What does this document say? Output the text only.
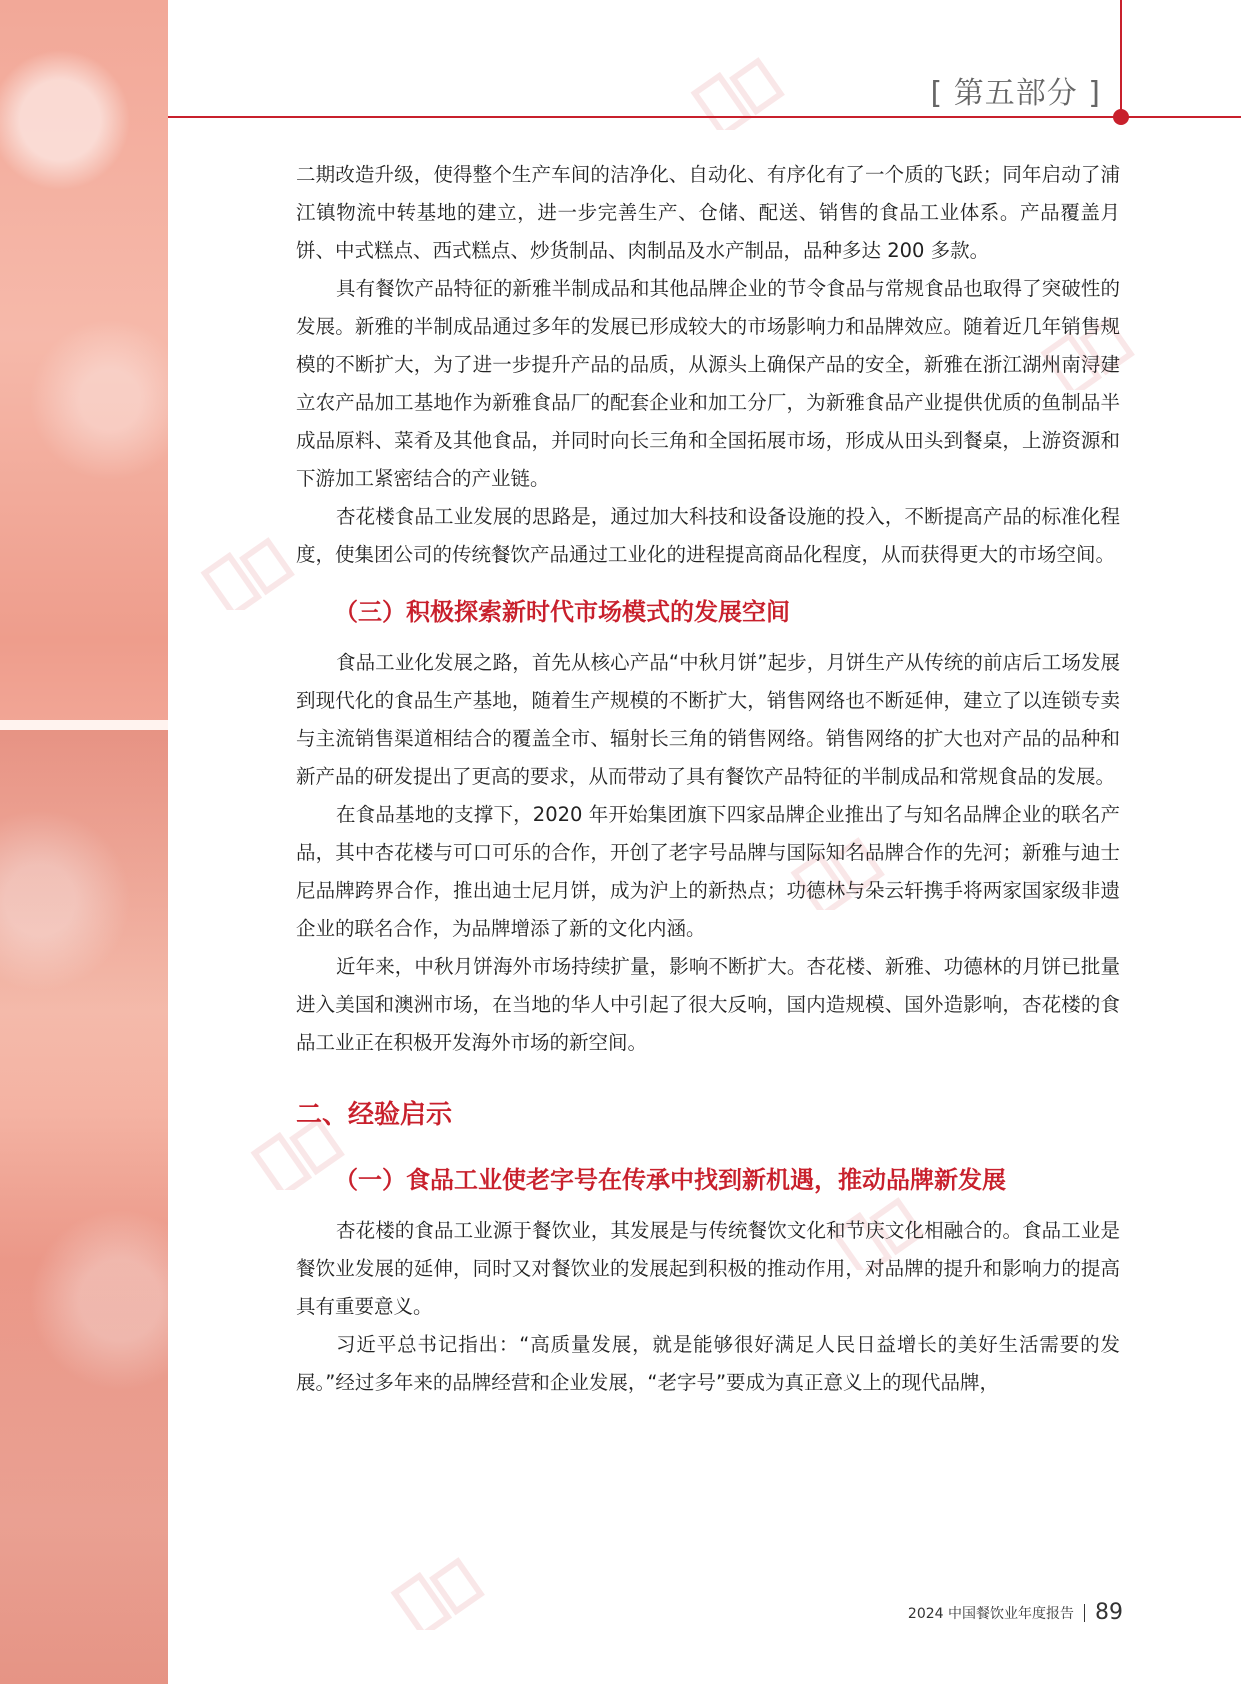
[ 第五部分 ]

二期改造升级，使得整个生产车间的洁净化、自动化、有序化有了一个质的飞跃；同年启动了浦江镇物流中转基地的建立，进一步完善生产、仓储、配送、销售的食品工业体系。产品覆盖月饼、中式糕点、西式糕点、炒货制品、肉制品及水产制品，品种多达 200 多款。

具有餐饮产品特征的新雅半制成品和其他品牌企业的节令食品与常规食品也取得了突破性的发展。新雅的半制成品通过多年的发展已形成较大的市场影响力和品牌效应。随着近几年销售规模的不断扩大，为了进一步提升产品的品质，从源头上确保产品的安全，新雅在浙江湖州南浔建立农产品加工基地作为新雅食品厂的配套企业和加工分厂，为新雅食品产业提供优质的鱼制品半成品原料、菜肴及其他食品，并同时向长三角和全国拓展市场，形成从田头到餐桌，上游资源和下游加工紧密结合的产业链。

杏花楼食品工业发展的思路是，通过加大科技和设备设施的投入，不断提高产品的标准化程度，使集团公司的传统餐饮产品通过工业化的进程提高商品化程度，从而获得更大的市场空间。

（三）积极探索新时代市场模式的发展空间

食品工业化发展之路，首先从核心产品“中秋月饼”起步，月饼生产从传统的前店后工场发展到现代化的食品生产基地，随着生产规模的不断扩大，销售网络也不断延伸，建立了以连锁专卖与主流销售渠道相结合的覆盖全市、辐射长三角的销售网络。销售网络的扩大也对产品的品种和新产品的研发提出了更高的要求，从而带动了具有餐饮产品特征的半制成品和常规食品的发展。

在食品基地的支撑下，2020 年开始集团旗下四家品牌企业推出了与知名品牌企业的联名产品，其中杏花楼与可口可乐的合作，开创了老字号品牌与国际知名品牌合作的先河；新雅与迪士尼品牌跨界合作，推出迪士尼月饼，成为沪上的新热点；功德林与朵云轩携手将两家国家级非遗企业的联名合作，为品牌增添了新的文化内涵。

近年来，中秋月饼海外市场持续扩量，影响不断扩大。杏花楼、新雅、功德林的月饼已批量进入美国和澳洲市场，在当地的华人中引起了很大反响，国内造规模、国外造影响，杏花楼的食品工业正在积极开发海外市场的新空间。

二、经验启示
（一）食品工业使老字号在传承中找到新机遇，推动品牌新发展

杏花楼的食品工业源于餐饮业，其发展是与传统餐饮文化和节庆文化相融合的。食品工业是餐饮业发展的延伸，同时又对餐饮业的发展起到积极的推动作用，对品牌的提升和影响力的提高具有重要意义。

习近平总书记指出：“高质量发展，就是能够很好满足人民日益增长的美好生活需要的发展。”经过多年来的品牌经营和企业发展，“老字号”要成为真正意义上的现代品牌，

2024 中国餐饮业年度报告 89
